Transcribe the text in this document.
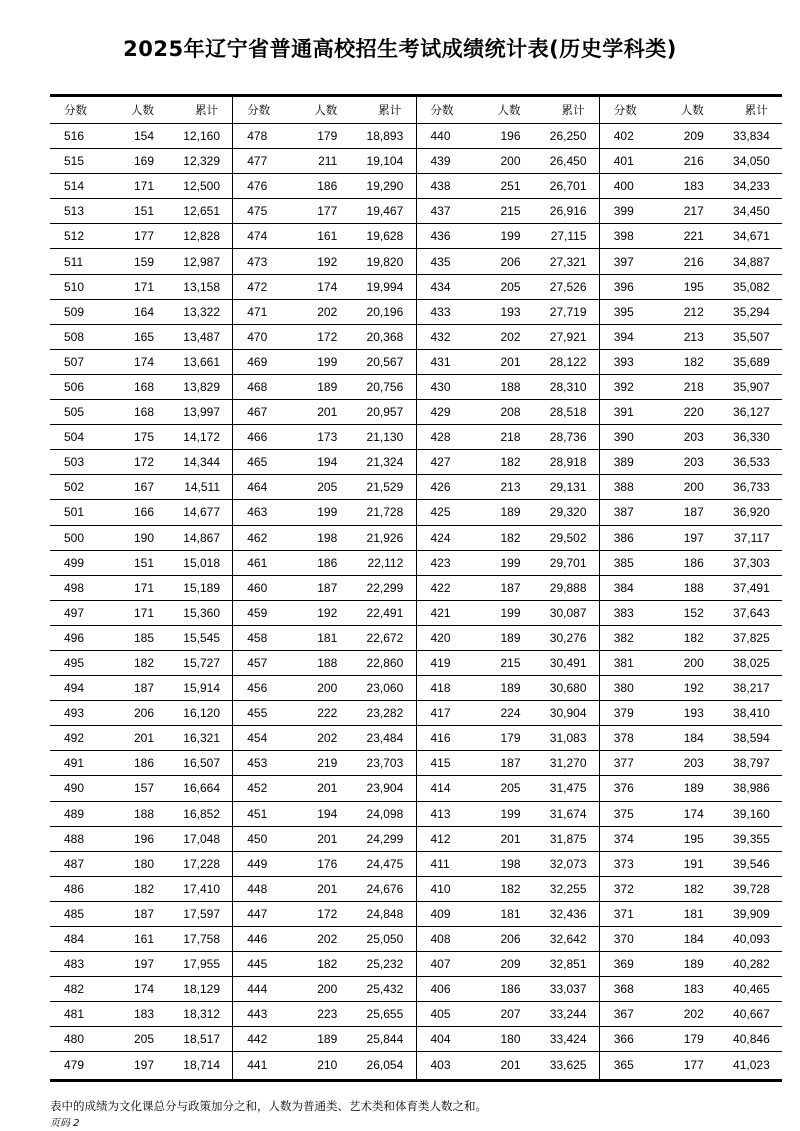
2025年辽宁省普通高校招生考试成绩统计表(历史学科类)
分数	人数	累计
516	154	12,160
515	169	12,329
514	171	12,500
513	151	12,651
512	177	12,828
511	159	12,987
510	171	13,158
509	164	13,322
508	165	13,487
507	174	13,661
506	168	13,829
505	168	13,997
504	175	14,172
503	172	14,344
502	167	14,511
501	166	14,677
500	190	14,867
499	151	15,018
498	171	15,189
497	171	15,360
496	185	15,545
495	182	15,727
494	187	15,914
493	206	16,120
492	201	16,321
491	186	16,507
490	157	16,664
489	188	16,852
488	196	17,048
487	180	17,228
486	182	17,410
485	187	17,597
484	161	17,758
483	197	17,955
482	174	18,129
481	183	18,312
480	205	18,517
479	197	18,714
分数	人数	累计
478	179	18,893
477	211	19,104
476	186	19,290
475	177	19,467
474	161	19,628
473	192	19,820
472	174	19,994
471	202	20,196
470	172	20,368
469	199	20,567
468	189	20,756
467	201	20,957
466	173	21,130
465	194	21,324
464	205	21,529
463	199	21,728
462	198	21,926
461	186	22,112
460	187	22,299
459	192	22,491
458	181	22,672
457	188	22,860
456	200	23,060
455	222	23,282
454	202	23,484
453	219	23,703
452	201	23,904
451	194	24,098
450	201	24,299
449	176	24,475
448	201	24,676
447	172	24,848
446	202	25,050
445	182	25,232
444	200	25,432
443	223	25,655
442	189	25,844
441	210	26,054
分数	人数	累计
440	196	26,250
439	200	26,450
438	251	26,701
437	215	26,916
436	199	27,115
435	206	27,321
434	205	27,526
433	193	27,719
432	202	27,921
431	201	28,122
430	188	28,310
429	208	28,518
428	218	28,736
427	182	28,918
426	213	29,131
425	189	29,320
424	182	29,502
423	199	29,701
422	187	29,888
421	199	30,087
420	189	30,276
419	215	30,491
418	189	30,680
417	224	30,904
416	179	31,083
415	187	31,270
414	205	31,475
413	199	31,674
412	201	31,875
411	198	32,073
410	182	32,255
409	181	32,436
408	206	32,642
407	209	32,851
406	186	33,037
405	207	33,244
404	180	33,424
403	201	33,625
分数	人数	累计
402	209	33,834
401	216	34,050
400	183	34,233
399	217	34,450
398	221	34,671
397	216	34,887
396	195	35,082
395	212	35,294
394	213	35,507
393	182	35,689
392	218	35,907
391	220	36,127
390	203	36,330
389	203	36,533
388	200	36,733
387	187	36,920
386	197	37,117
385	186	37,303
384	188	37,491
383	152	37,643
382	182	37,825
381	200	38,025
380	192	38,217
379	193	38,410
378	184	38,594
377	203	38,797
376	189	38,986
375	174	39,160
374	195	39,355
373	191	39,546
372	182	39,728
371	181	39,909
370	184	40,093
369	189	40,282
368	183	40,465
367	202	40,667
366	179	40,846
365	177	41,023
表中的成绩为文化课总分与政策加分之和，人数为普通类、艺术类和体育类人数之和。
页码 2
